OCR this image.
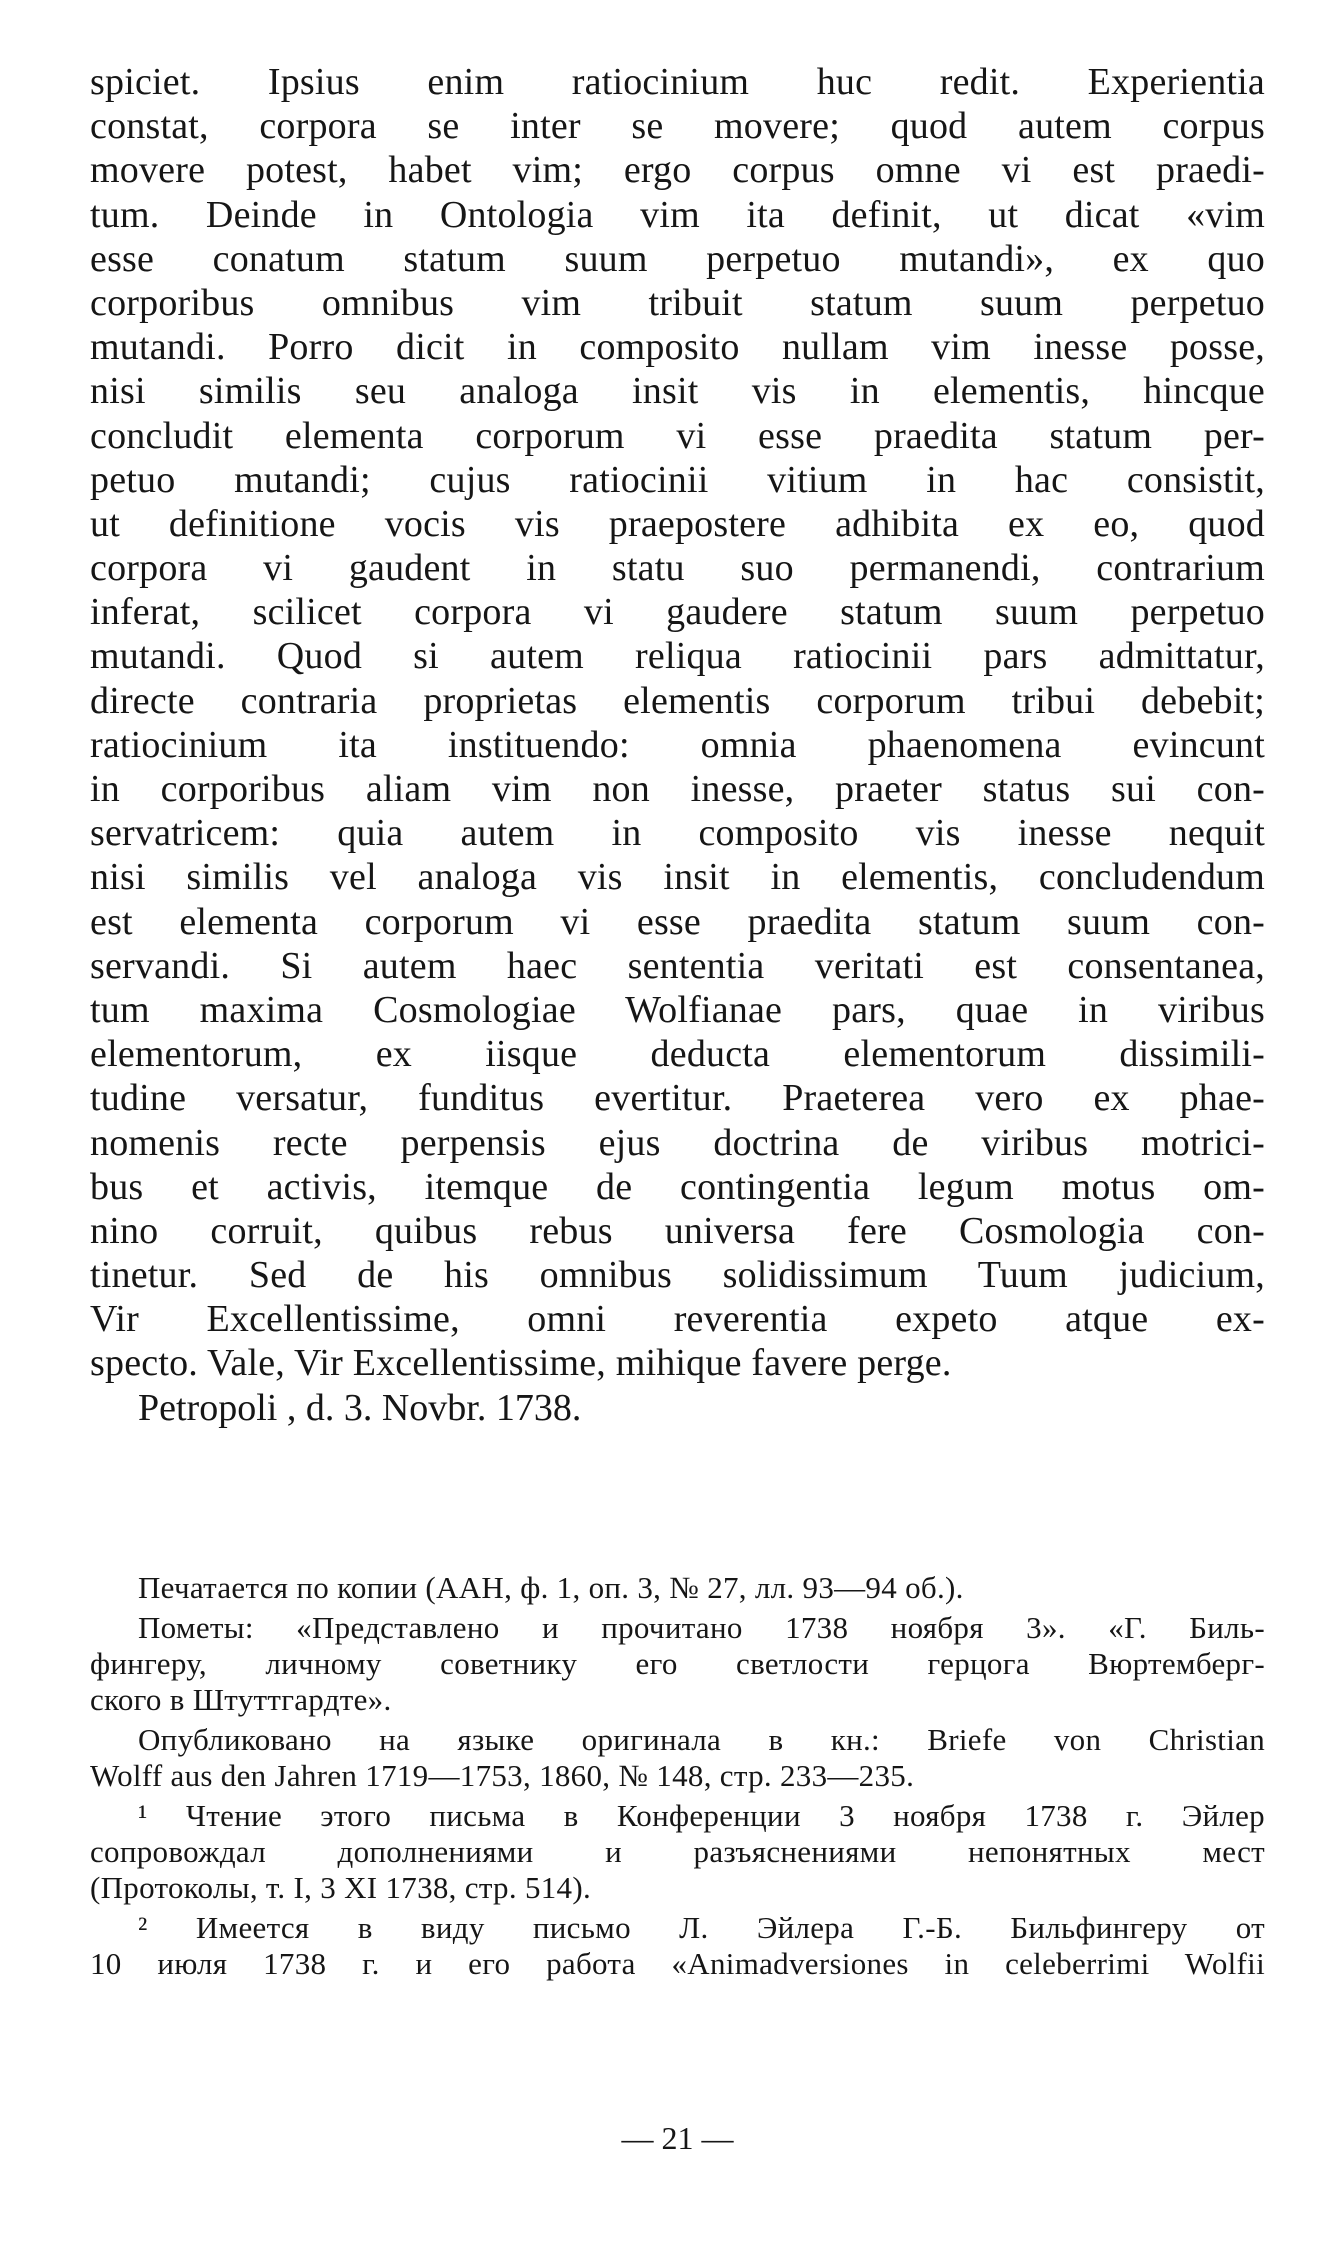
spiciet. Ipsius enim ratiocinium huc redit. Experientia
constat, corpora se inter se movere; quod autem corpus
movere potest, habet vim; ergo corpus omne vi est praedi-
tum. Deinde in Ontologia vim ita definit, ut dicat «vim
esse conatum statum suum perpetuo mutandi», ex quo
corporibus omnibus vim tribuit statum suum perpetuo
mutandi. Porro dicit in composito nullam vim inesse posse,
nisi similis seu analoga insit vis in elementis, hincque
concludit elementa corporum vi esse praedita statum per-
petuo mutandi; cujus ratiocinii vitium in hac consistit,
ut definitione vocis vis praepostere adhibita ex eo, quod
corpora vi gaudent in statu suo permanendi, contrarium
inferat, scilicet corpora vi gaudere statum suum perpetuo
mutandi. Quod si autem reliqua ratiocinii pars admittatur,
directe contraria proprietas elementis corporum tribui debebit;
ratiocinium ita instituendo: omnia phaenomena evincunt
in corporibus aliam vim non inesse, praeter status sui con-
servatricem: quia autem in composito vis inesse nequit
nisi similis vel analoga vis insit in elementis, concludendum
est elementa corporum vi esse praedita statum suum con-
servandi. Si autem haec sententia veritati est consentanea,
tum maxima Cosmologiae Wolfianae pars, quae in viribus
elementorum, ex iisque deducta elementorum dissimili-
tudine versatur, funditus evertitur. Praeterea vero ex phae-
nomenis recte perpensis ejus doctrina de viribus motrici-
bus et activis, itemque de contingentia legum motus om-
nino corruit, quibus rebus universa fere Cosmologia con-
tinetur. Sed de his omnibus solidissimum Tuum judicium,
Vir Excellentissime, omni reverentia expeto atque ex-
specto. Vale, Vir Excellentissime, mihique favere perge.
Petropoli , d. 3. Novbr. 1738.
Печатается по копии (ААН, ф. 1, оп. 3, № 27, лл. 93—94 об.).
Пометы: «Представлено и прочитано 1738 ноября 3». «Г. Биль-
фингеру, личному советнику его светлости герцога Вюртемберг-
ского в Штуттгардте».
Опубликовано на языке оригинала в кн.: Briefe von Christian
Wolff aus den Jahren 1719—1753, 1860, № 148, стр. 233—235.
¹ Чтение этого письма в Конференции 3 ноября 1738 г. Эйлер
сопровождал дополнениями и разъяснениями непонятных мест
(Протоколы, т. I, 3 XI 1738, стр. 514).
² Имеется в виду письмо Л. Эйлера Г.-Б. Бильфингеру от
10 июля 1738 г. и его работа «Animadversiones in celeberrimi Wolfii
— 21 —
